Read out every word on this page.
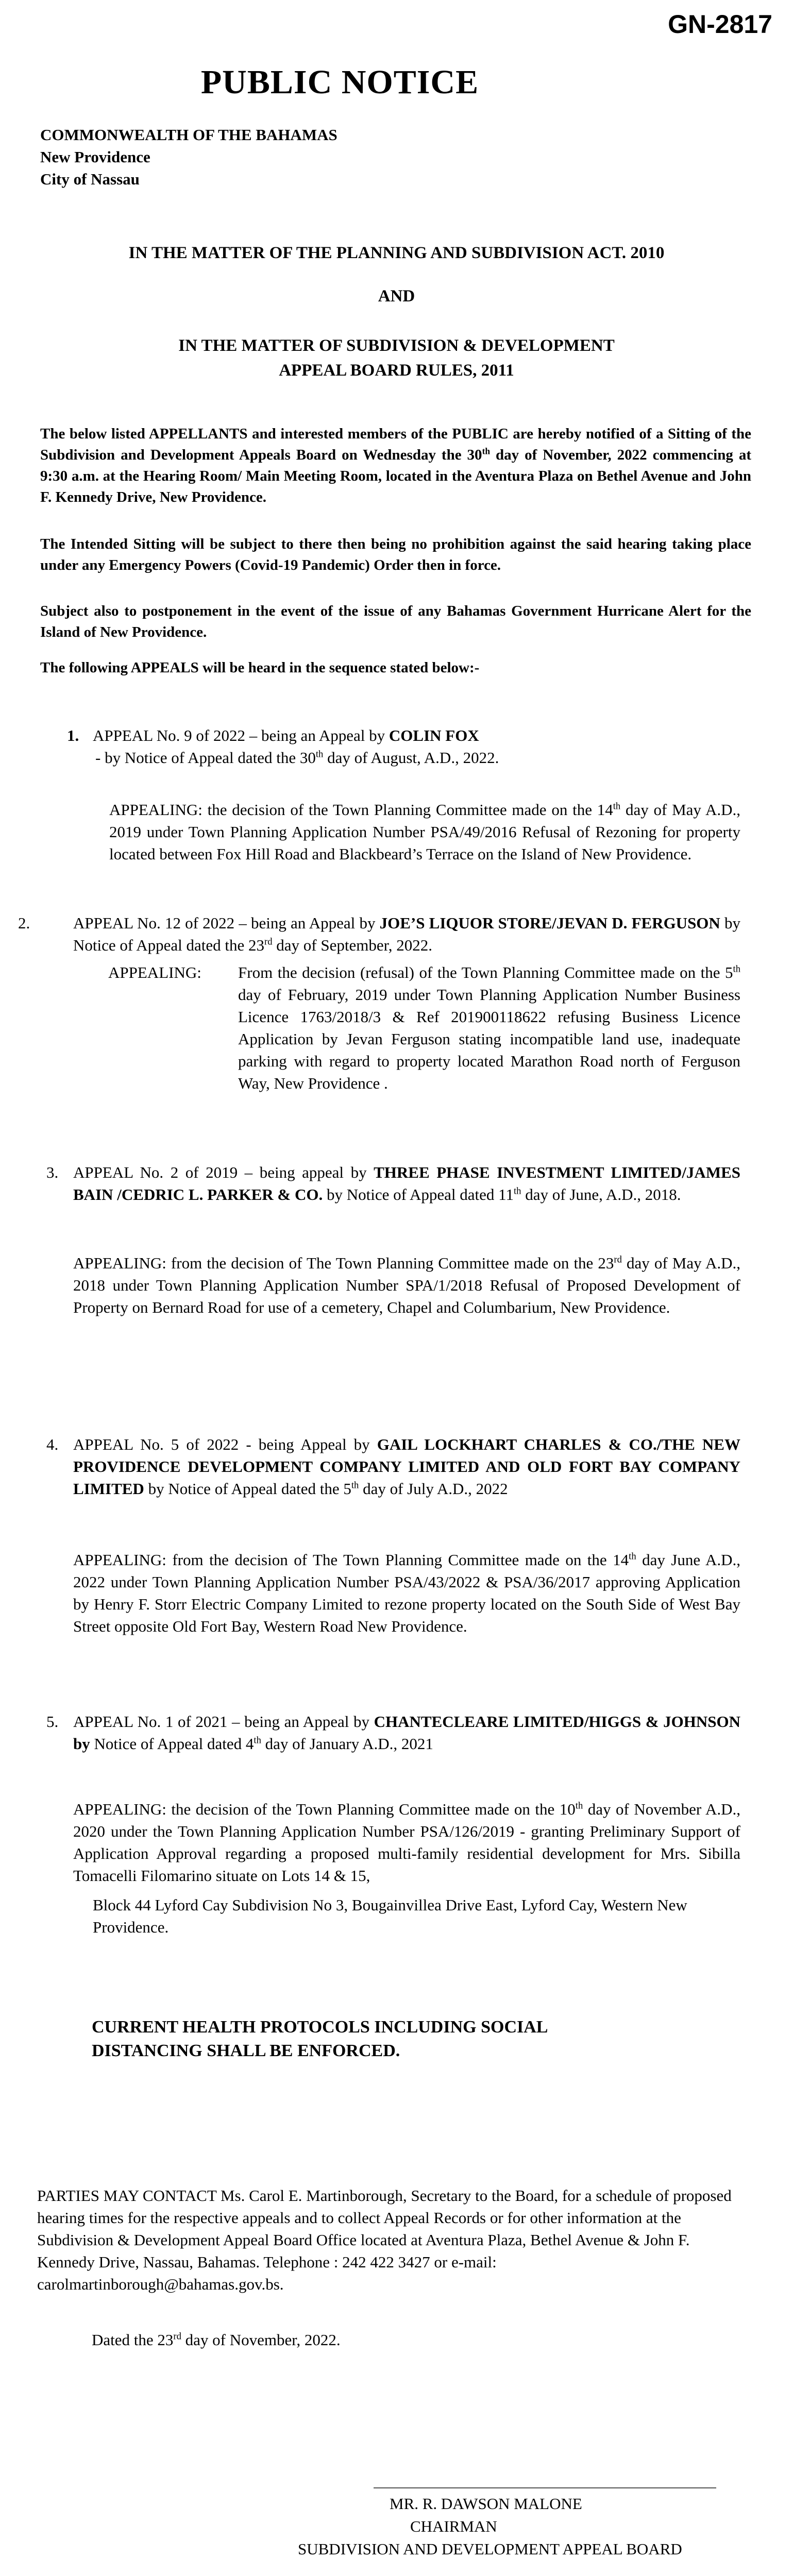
GN-2817
PUBLIC NOTICE
COMMONWEALTH OF THE BAHAMAS
New Providence
City of Nassau
IN THE MATTER OF THE PLANNING AND SUBDIVISION ACT. 2010
AND
IN THE MATTER OF SUBDIVISION & DEVELOPMENT
APPEAL BOARD RULES, 2011
The below listed APPELLANTS and interested members of the PUBLIC are hereby notified of a Sitting of the Subdivision and Development Appeals Board on Wednesday the 30th day of November, 2022 commencing at 9:30 a.m. at the Hearing Room/ Main Meeting Room, located in the Aventura Plaza on Bethel Avenue and John F. Kennedy Drive, New Providence.
The Intended Sitting will be subject to there then being no prohibition against the said hearing taking place under any Emergency Powers (Covid-19 Pandemic) Order then in force.
Subject also to postponement in the event of the issue of any Bahamas Government Hurricane Alert for the Island of New Providence.
The following APPEALS will be heard in the sequence stated below:-
1. APPEAL No. 9 of 2022 – being an Appeal by COLIN FOX
- by Notice of Appeal dated the 30th day of August, A.D., 2022.
APPEALING: the decision of the Town Planning Committee made on the 14th day of May A.D., 2019 under Town Planning Application Number PSA/49/2016 Refusal of Rezoning for property located between Fox Hill Road and Blackbeard’s Terrace on the Island of New Providence.
2.	APPEAL No. 12 of 2022 – being an Appeal by JOE’S LIQUOR STORE/JEVAN D. FERGUSON by Notice of Appeal dated the 23rd day of September, 2022.
APPEALING:	From the decision (refusal) of the Town Planning Committee made on the 5th day of February, 2019 under Town Planning Application Number Business Licence 1763/2018/3 & Ref 201900118622 refusing Business Licence Application by Jevan Ferguson stating incompatible land use, inadequate parking with regard to property located Marathon Road north of Ferguson Way, New Providence .
3. APPEAL No. 2 of 2019 – being appeal by THREE PHASE INVESTMENT LIMITED/JAMES BAIN /CEDRIC L. PARKER & CO. by Notice of Appeal dated 11th day of June, A.D., 2018.
APPEALING: from the decision of The Town Planning Committee made on the 23rd day of May A.D., 2018 under Town Planning Application Number SPA/1/2018 Refusal of Proposed Development of Property on Bernard Road for use of a cemetery, Chapel and Columbarium, New Providence.
4. APPEAL No. 5 of 2022 - being Appeal by GAIL LOCKHART CHARLES & CO./THE NEW PROVIDENCE DEVELOPMENT COMPANY LIMITED AND OLD FORT BAY COMPANY LIMITED by Notice of Appeal dated the 5th day of July A.D., 2022
APPEALING: from the decision of The Town Planning Committee made on the 14th day June A.D., 2022 under Town Planning Application Number PSA/43/2022 & PSA/36/2017 approving Application by Henry F. Storr Electric Company Limited to rezone property located on the South Side of West Bay Street opposite Old Fort Bay, Western Road New Providence.
5. APPEAL No. 1 of 2021 – being an Appeal by CHANTECLEARE LIMITED/HIGGS & JOHNSON by Notice of Appeal dated 4th day of January A.D., 2021
APPEALING: the decision of the Town Planning Committee made on the 10th day of November A.D., 2020 under the Town Planning Application Number PSA/126/2019 - granting Preliminary Support of Application Approval regarding a proposed multi-family residential development for Mrs. Sibilla Tomacelli Filomarino situate on Lots 14 & 15,
Block 44 Lyford Cay Subdivision No 3, Bougainvillea Drive East, Lyford Cay, Western New Providence.
CURRENT HEALTH PROTOCOLS INCLUDING SOCIAL DISTANCING SHALL BE ENFORCED.
PARTIES MAY CONTACT Ms. Carol E. Martinborough, Secretary to the Board, for a schedule of proposed hearing times for the respective appeals and to collect Appeal Records or for other information at the Subdivision & Development Appeal Board Office located at Aventura Plaza, Bethel Avenue & John F. Kennedy Drive, Nassau, Bahamas. Telephone : 242 422 3427 or e-mail: carolmartinborough@bahamas.gov.bs.
Dated the 23rd day of November, 2022.
MR. R. DAWSON MALONE
CHAIRMAN
SUBDIVISION AND DEVELOPMENT APPEAL BOARD
